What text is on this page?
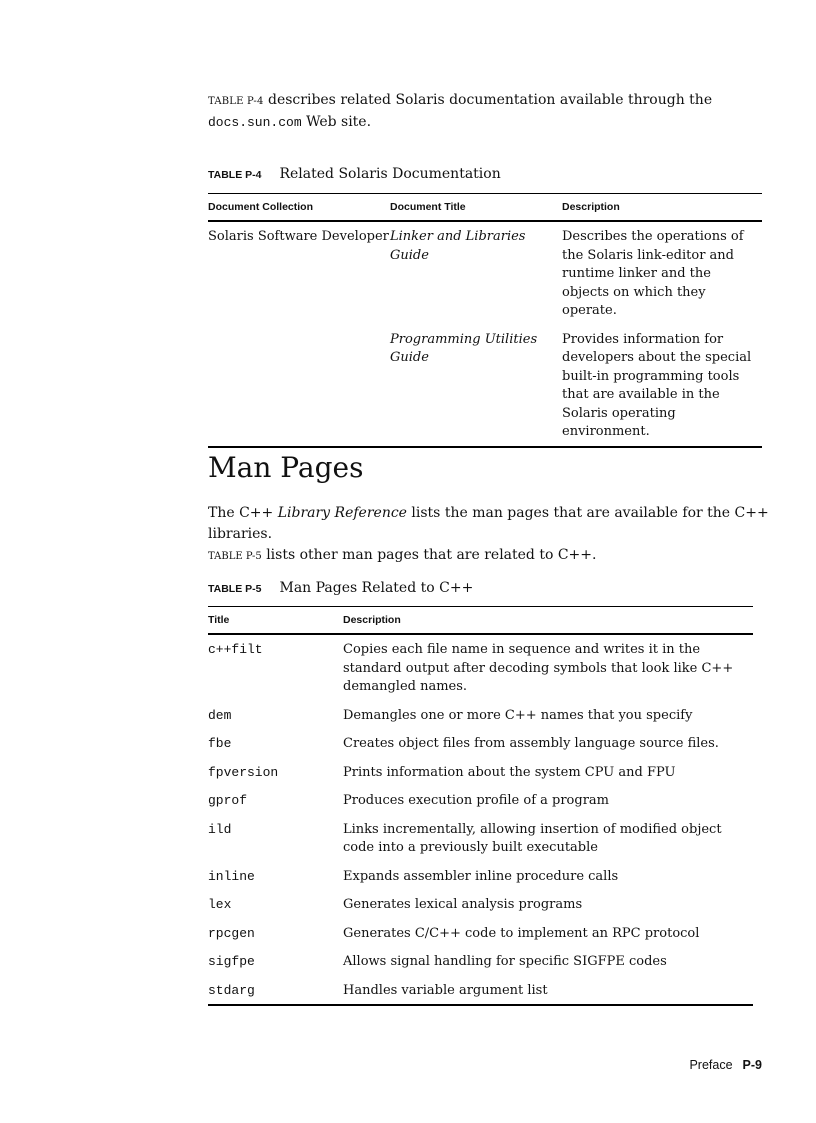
TABLE P-4 describes related Solaris documentation available through the
docs.sun.com Web site.
TABLE P-4 Related Solaris Documentation
Document Collection	Document Title	Description
Solaris Software Developer	Linker and Libraries Guide	Describes the operations of the Solaris link-editor and runtime linker and the objects on which they operate.
	Programming Utilities Guide	Provides information for developers about the special built-in programming tools that are available in the Solaris operating environment.
Man Pages
The C++ Library Reference lists the man pages that are available for the C++ libraries.
TABLE P-5 lists other man pages that are related to C++.
TABLE P-5 Man Pages Related to C++
Title	Description
c++filt	Copies each file name in sequence and writes it in the standard output after decoding symbols that look like C++ demangled names.
dem	Demangles one or more C++ names that you specify
fbe	Creates object files from assembly language source files.
fpversion	Prints information about the system CPU and FPU
gprof	Produces execution profile of a program
ild	Links incrementally, allowing insertion of modified object code into a previously built executable
inline	Expands assembler inline procedure calls
lex	Generates lexical analysis programs
rpcgen	Generates C/C++ code to implement an RPC protocol
sigfpe	Allows signal handling for specific SIGFPE codes
stdarg	Handles variable argument list
Preface P-9
